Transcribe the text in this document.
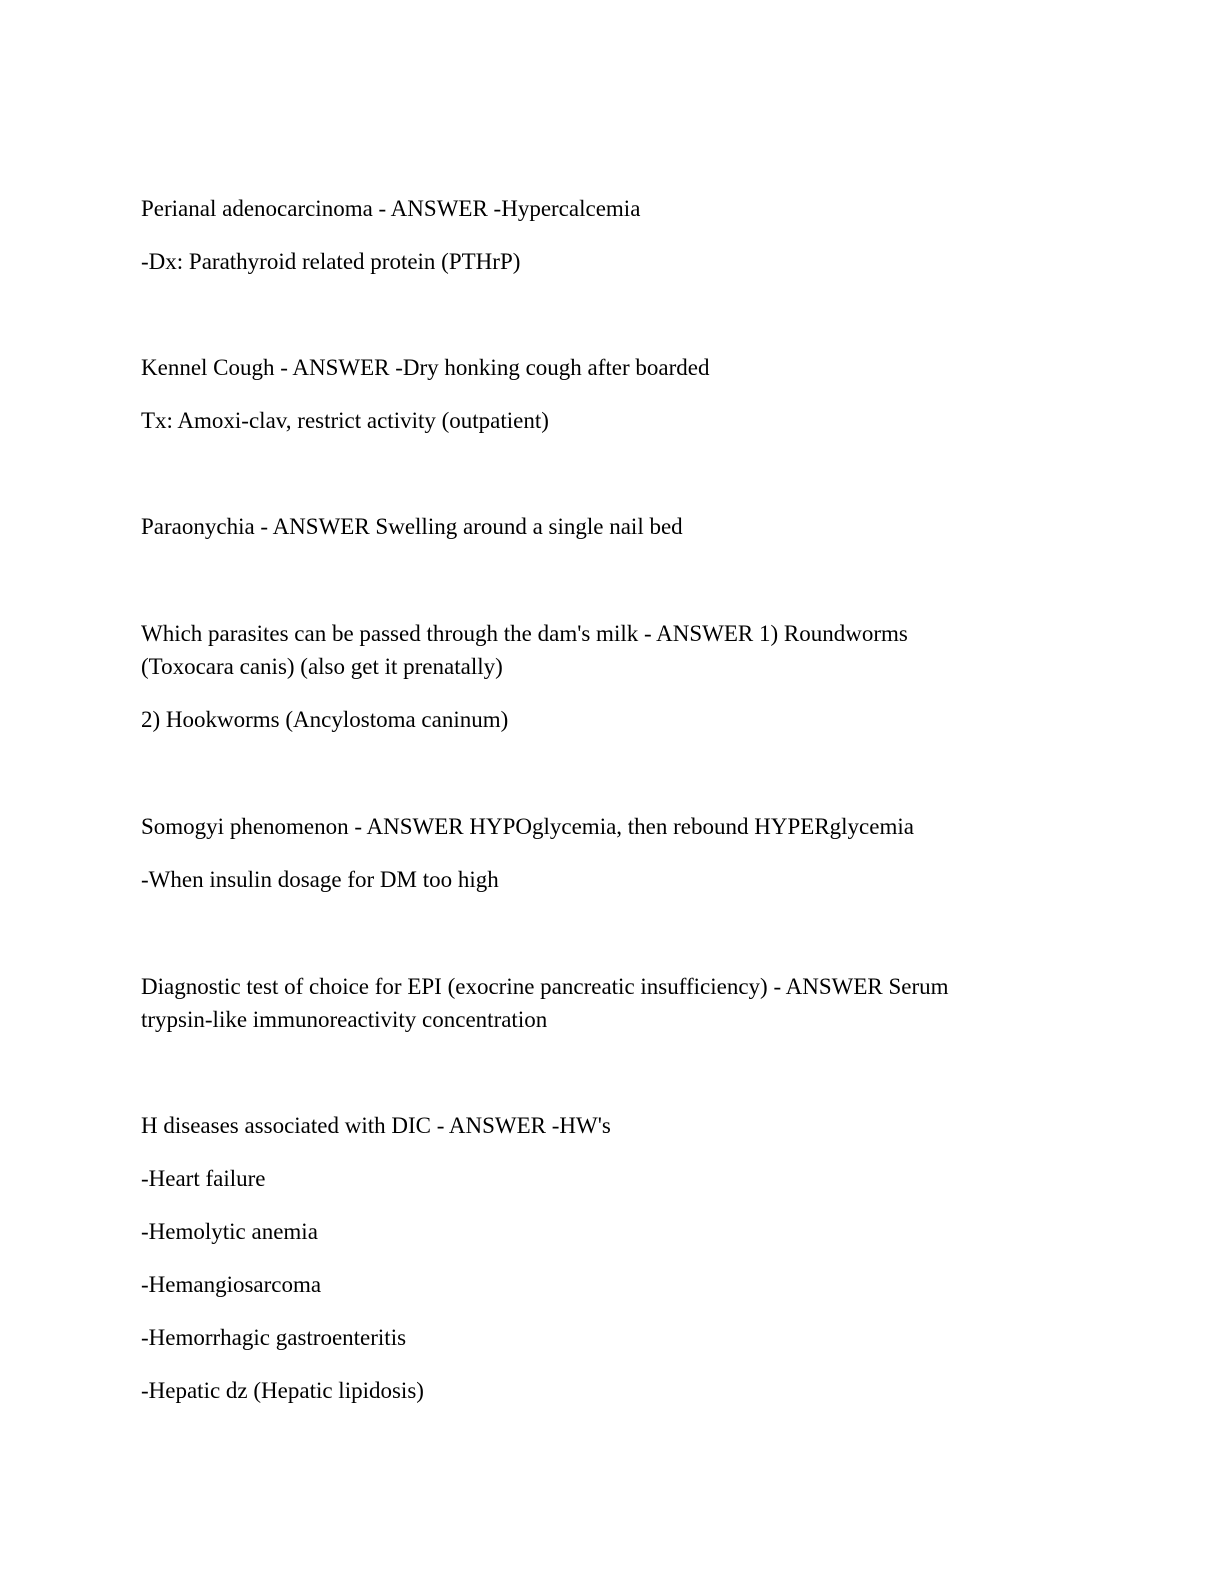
Perianal adenocarcinoma - ANSWER -Hypercalcemia
-Dx: Parathyroid related protein (PTHrP)
Kennel Cough - ANSWER -Dry honking cough after boarded
Tx: Amoxi-clav, restrict activity (outpatient)
Paraonychia - ANSWER Swelling around a single nail bed
Which parasites can be passed through the dam's milk - ANSWER 1) Roundworms
(Toxocara canis) (also get it prenatally)
2) Hookworms (Ancylostoma caninum)
Somogyi phenomenon - ANSWER HYPOglycemia, then rebound HYPERglycemia
-When insulin dosage for DM too high
Diagnostic test of choice for EPI (exocrine pancreatic insufficiency) - ANSWER Serum
trypsin-like immunoreactivity concentration
H diseases associated with DIC - ANSWER -HW's
-Heart failure
-Hemolytic anemia
-Hemangiosarcoma
-Hemorrhagic gastroenteritis
-Hepatic dz (Hepatic lipidosis)
